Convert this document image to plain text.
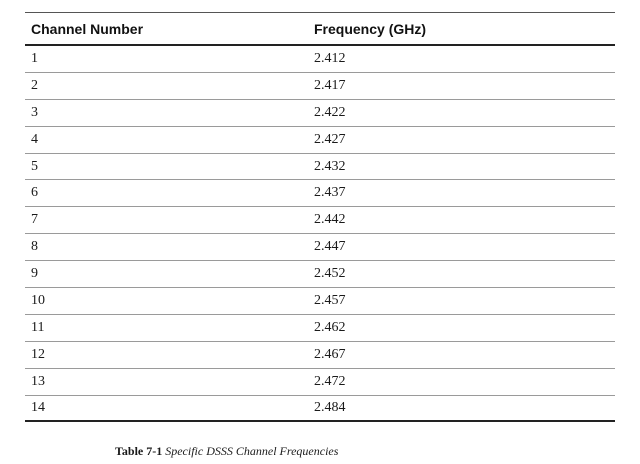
Channel Number	Frequency (GHz)
1	2.412
2	2.417
3	2.422
4	2.427
5	2.432
6	2.437
7	2.442
8	2.447
9	2.452
10	2.457
11	2.462
12	2.467
13	2.472
14	2.484
Table 7-1 Specific DSSS Channel Frequencies
